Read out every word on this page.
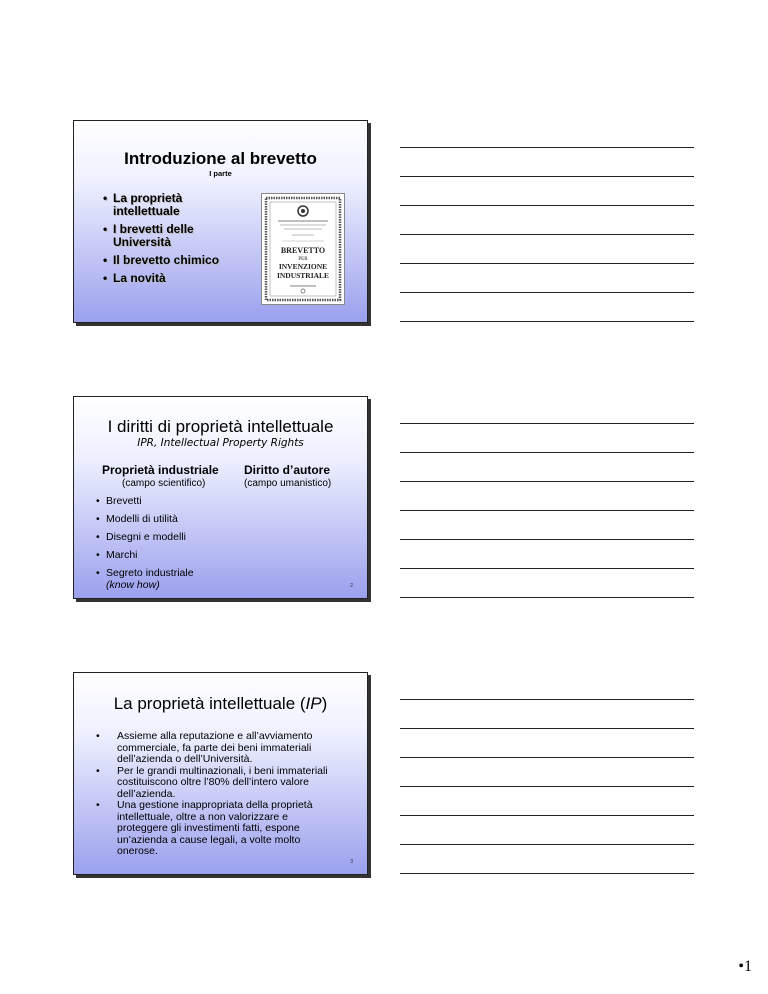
Introduzione al brevetto
I parte
• La proprietà intellettuale
• I brevetti delle Università
• Il brevetto chimico
• La novità
BREVETTO
PER
INVENZIONE
INDUSTRIALE
I diritti di proprietà intellettuale
IPR, Intellectual Property Rights
Proprietà industriale
(campo scientifico)
Diritto d’autore
(campo umanistico)
• Brevetti
• Modelli di utilità
• Disegni e modelli
• Marchi
• Segreto industriale
(know how)	2
La proprietà intellettuale (IP)
• Assieme alla reputazione e all’avviamento commerciale, fa parte dei beni immateriali dell’azienda o dell’Università.
• Per le grandi multinazionali, i beni immateriali costituiscono oltre l’80% dell’intero valore dell’azienda.
• Una gestione inappropriata della proprietà intellettuale, oltre a non valorizzare e proteggere gli investimenti fatti, espone un’azienda a cause legali, a volte molto onerose.
3
•1
